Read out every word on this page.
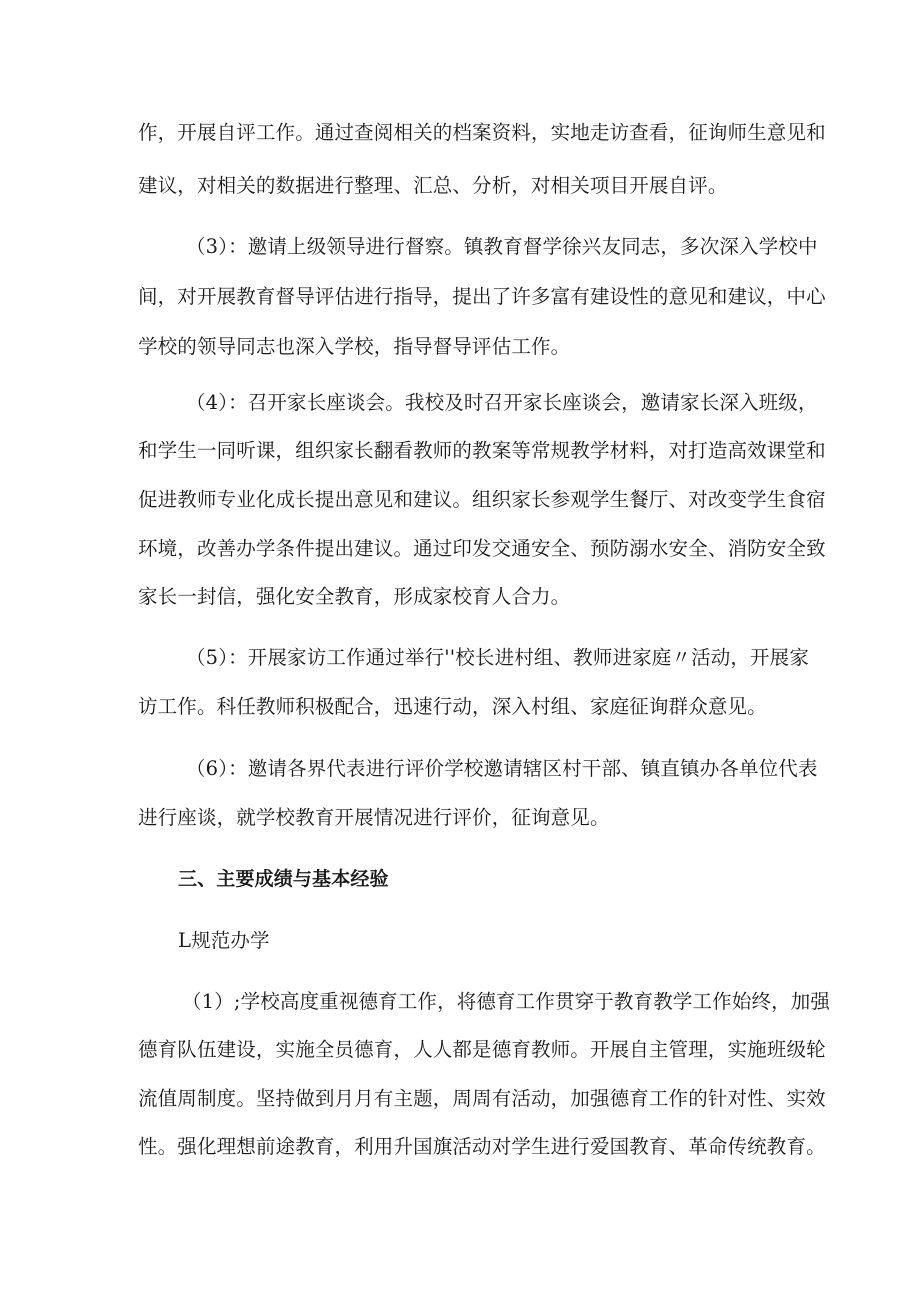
作，开展自评工作。通过查阅相关的档案资料，实地走访查看，征询师生意见和
建议，对相关的数据进行整理、汇总、分析，对相关项目开展自评。
（3）：邀请上级领导进行督察。镇教育督学徐兴友同志，多次深入学校中
间，对开展教育督导评估进行指导，提出了许多富有建设性的意见和建议，中心
学校的领导同志也深入学校，指导督导评估工作。
（4）：召开家长座谈会。我校及时召开家长座谈会，邀请家长深入班级，
和学生一同听课，组织家长翻看教师的教案等常规教学材料，对打造高效课堂和
促进教师专业化成长提出意见和建议。组织家长参观学生餐厅、对改变学生食宿
环境，改善办学条件提出建议。通过印发交通安全、预防溺水安全、消防安全致
家长一封信，强化安全教育，形成家校育人合力。
（5）：开展家访工作通过举行''校长进村组、教师进家庭〃活动，开展家
访工作。科任教师积极配合，迅速行动，深入村组、家庭征询群众意见。
（6）：邀请各界代表进行评价学校邀请辖区村干部、镇直镇办各单位代表
进行座谈，就学校教育开展情况进行评价，征询意见。
三、主要成绩与基本经验
L规范办学
（1）;学校高度重视德育工作，将德育工作贯穿于教育教学工作始终，加强
德育队伍建设，实施全员德育，人人都是德育教师。开展自主管理，实施班级轮
流值周制度。坚持做到月月有主题，周周有活动，加强德育工作的针对性、实效
性。强化理想前途教育，利用升国旗活动对学生进行爱国教育、革命传统教育。
